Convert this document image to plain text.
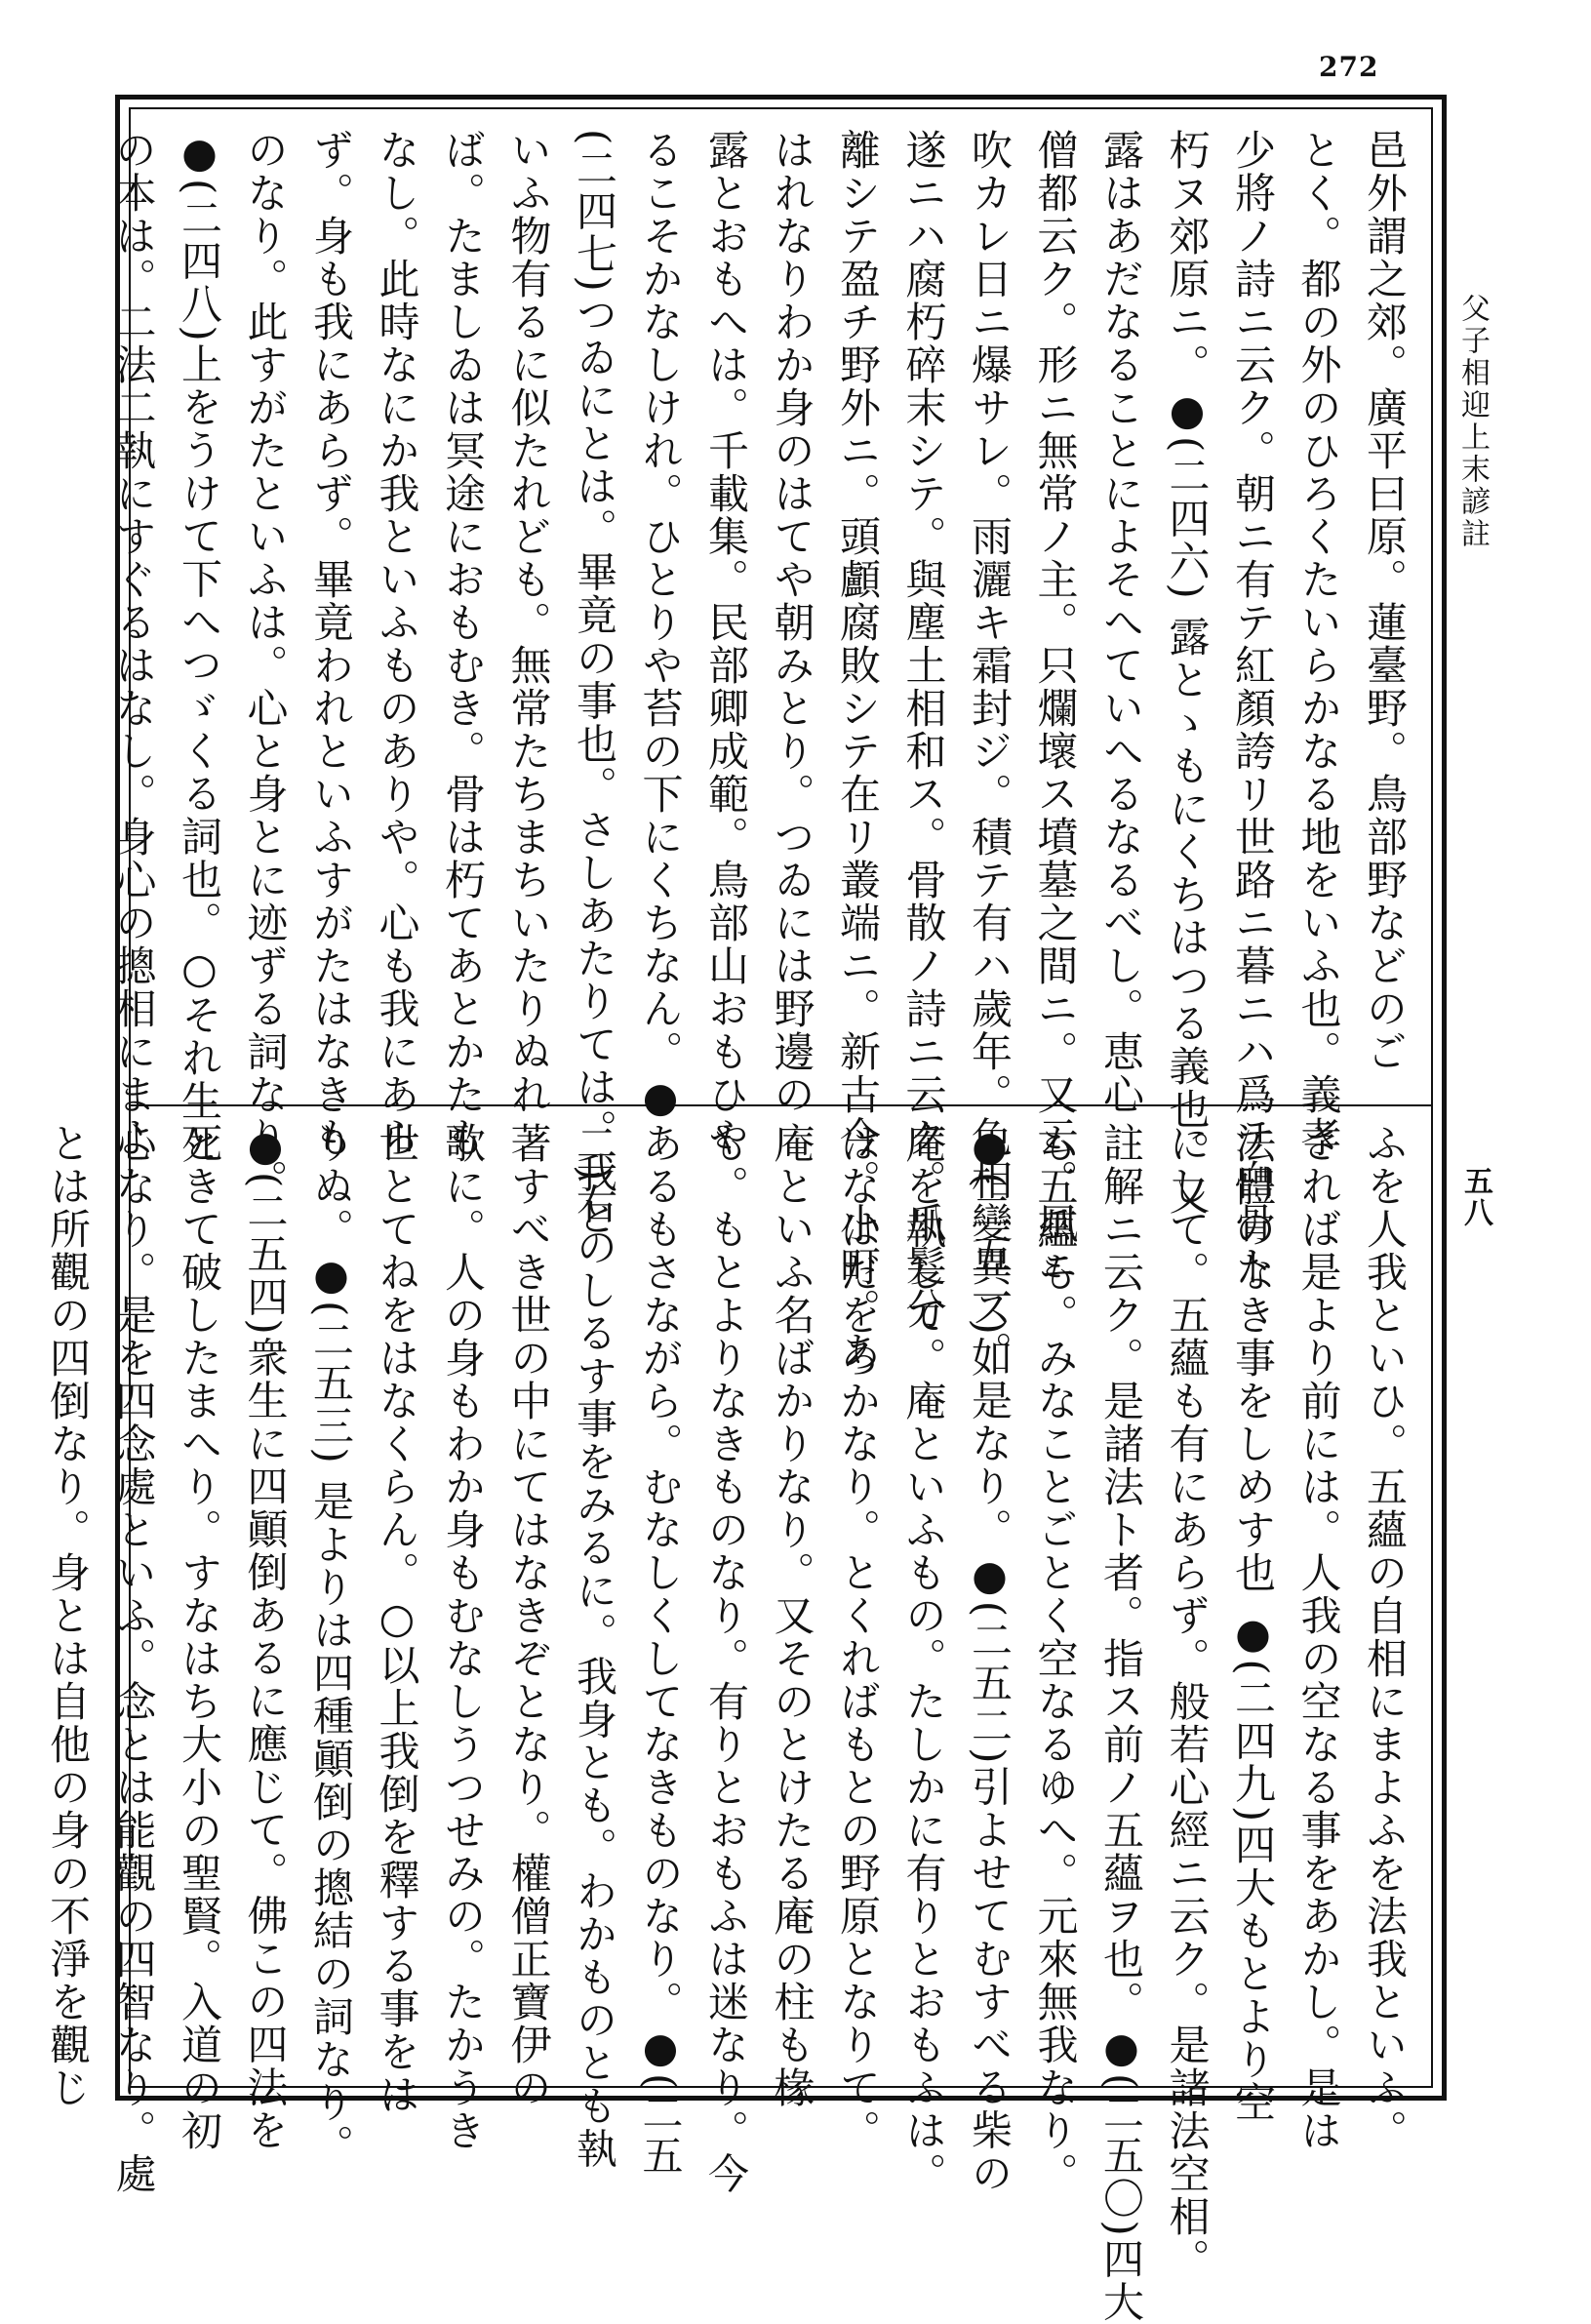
272
父子相迎上末諺註
五八
邑外謂之郊。廣平曰原。蓮臺野。鳥部野などのご
とく。都の外のひろくたいらかなる地をいふ也。義孝
少將ノ詩ニ云ク。朝ニ有テ紅顏誇リ世路ニ暮ニハ爲テ白骨ト
朽ヌ郊原ニ。●(二四六) 露とゝもにくちはつる義也。又
露はあだなることによそへていへるなるべし。恵心
僧都云ク。形ニ無常ノ主。只爛壞ス墳墓之間ニ。又云。風ニ
吹カレ日ニ爆サレ。雨灑キ霜封ジ。積テ有ハ歲年。色相變異ス。
遂ニハ腐朽碎末シテ。與塵土相和ス。骨散ノ詩ニ云ク。爪髮分
離シテ盈チ野外ニ。頭顱腐敗シテ在リ叢端ニ。新古今。小町。あ
はれなりわか身のはてや朝みとり。つゐには野邊の
露とおもへは。千載集。民部卿成範。鳥部山おもひや
るこそかなしけれ。ひとりや苔の下にくちなん。●
(二四七)つゐにとは。畢竟の事也。さしあたりては。我と
いふ物有るに似たれども。無常たちまちいたりぬれ
ば。たましゐは冥途におもむき。骨は朽てあとかたも
なし。此時なにか我といふものありや。心も我にあら
ず。身も我にあらず。畢竟われといふすがたはなきも
のなり。此すがたといふは。心と身とに迹ずる詞なり。
●(二四八)上をうけて下へつゞくる詞也。○それ生死
の本は。二法二執にすぐるはなし。身心の摠相にまよ
ふを人我といひ。五蘊の自相にまよふを法我といふ。
されば是より前には。人我の空なる事をあかし。是は
法體のなき事をしめす也 ●(二四九)四大もとより空
にして。五蘊も有にあらず。般若心經ニ云ク。是諸法空相。
註解ニ云ク。是諸法ト者。指ス前ノ五蘊ヲ也。●(二五〇)四大
も五蘊も。みなことごとく空なるゆへ。元來無我なり。
●(二五一)如是なり。●(二五二)引よせてむすべる柴の
庵を執して。庵といふもの。たしかに有りとおもふは。
はなはだをろかなり。とくればもとの野原となりて。
庵といふ名ばかりなり。又そのとけたる庵の柱も椽
も。もとよりなきものなり。有りとおもふは迷なり。今
あるもさながら。むなしくしてなきものなり。●(二五
二)右のしるす事をみるに。我身とも。わかものとも執
著すべき世の中にてはなきぞとなり。權僧正寶伊の
歌に。人の身もわか身もむなしうつせみの。たかうき
世とてねをはなくらん。○以上我倒を釋する事をは
りぬ。●(二五三) 是よりは四種顚倒の摠結の詞なり。
●(二五四)衆生に四顚倒あるに應じて。佛この四法を
ときて破したまへり。すなはち大小の聖賢。入道の初
心なり。是を四念處といふ。念とは能觀の四智なり。處
とは所觀の四倒なり。身とは自他の身の不淨を觀じ
